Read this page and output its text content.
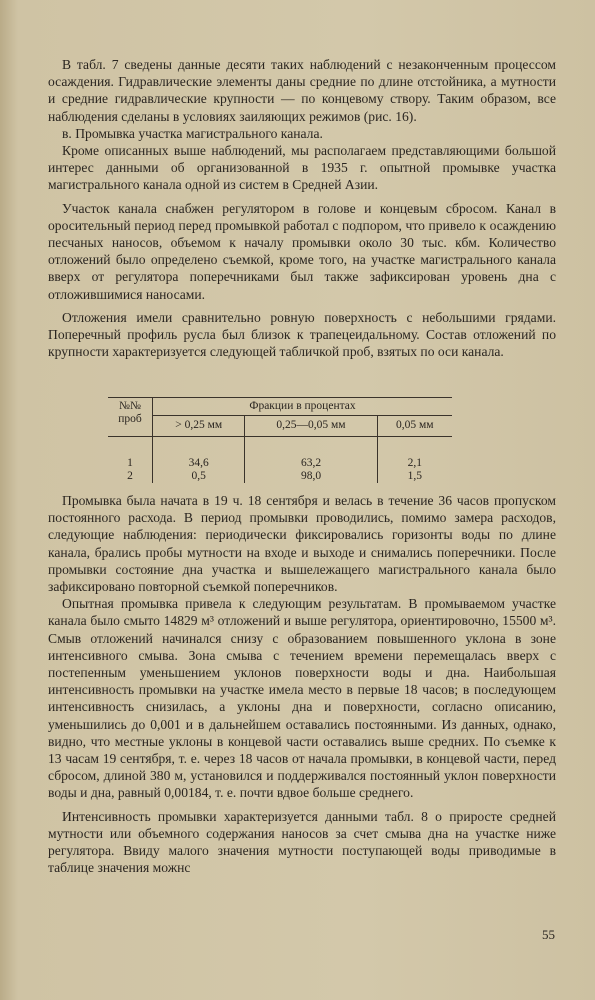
В табл. 7 сведены данные десяти таких наблюдений с незаконченным процессом осаждения. Гидравлические элементы даны средние по длине отстойника, а мутности и средние гидравлические крупности — по концевому створу. Таким образом, все наблюдения сделаны в условиях заиляющих режимов (рис. 16).

в. Промывка участка магистрального канала.

Кроме описанных выше наблюдений, мы располагаем представляющими большой интерес данными об организованной в 1935 г. опытной промывке участка магистрального канала одной из систем в Средней Азии.

Участок канала снабжен регулятором в голове и концевым сбросом. Канал в оросительный период перед промывкой работал с подпором, что привело к осаждению песчаных наносов, объемом к началу промывки около 30 тыс. кбм. Количество отложений было определено съемкой, кроме того, на участке магистрального канала вверх от регулятора поперечниками был также зафиксирован уровень дна с отложившимися наносами.

Отложения имели сравнительно ровную поверхность с небольшими грядами. Поперечный профиль русла был близок к трапецеидальному. Состав отложений по крупности характеризуется следующей табличкой проб, взятых по оси канала.

№№
проб	Фракции в процентах		
	> 0,25 мм	0,25—0,05 мм	0,05 мм
1	34,6	63,2	2,1
2	0,5	98,0	1,5

Промывка была начата в 19 ч. 18 сентября и велась в течение 36 часов пропуском постоянного расхода. В период промывки проводились, помимо замера расходов, следующие наблюдения: периодически фиксировались горизонты воды по длине канала, брались пробы мутности на входе и выходе и снимались поперечники. После промывки состояние дна участка и вышележащего магистрального канала было зафиксировано повторной съемкой поперечников.

Опытная промывка привела к следующим результатам. В промываемом участке канала было смыто 14829 м³ отложений и выше регулятора, ориентировочно, 15500 м³. Смыв отложений начинался снизу с образованием повышенного уклона в зоне интенсивного смыва. Зона смыва с течением времени перемещалась вверх с постепенным уменьшением уклонов поверхности воды и дна. Наибольшая интенсивность промывки на участке имела место в первые 18 часов; в последующем интенсивность снизилась, а уклоны дна и поверхности, согласно описанию, уменьшились до 0,001 и в дальнейшем оставались постоянными. Из данных, однако, видно, что местные уклоны в концевой части оставались выше средних. По съемке к 13 часам 19 сентября, т. е. через 18 часов от начала промывки, в концевой части, перед сбросом, длиной 380 м, установился и поддерживался постоянный уклон поверхности воды и дна, равный 0,00184, т. е. почти вдвое больше среднего.

Интенсивность промывки характеризуется данными табл. 8 о приросте средней мутности или объемного содержания наносов за счет смыва дна на участке ниже регулятора. Ввиду малого значения мутности поступающей воды приводимые в таблице значения можнс

55
